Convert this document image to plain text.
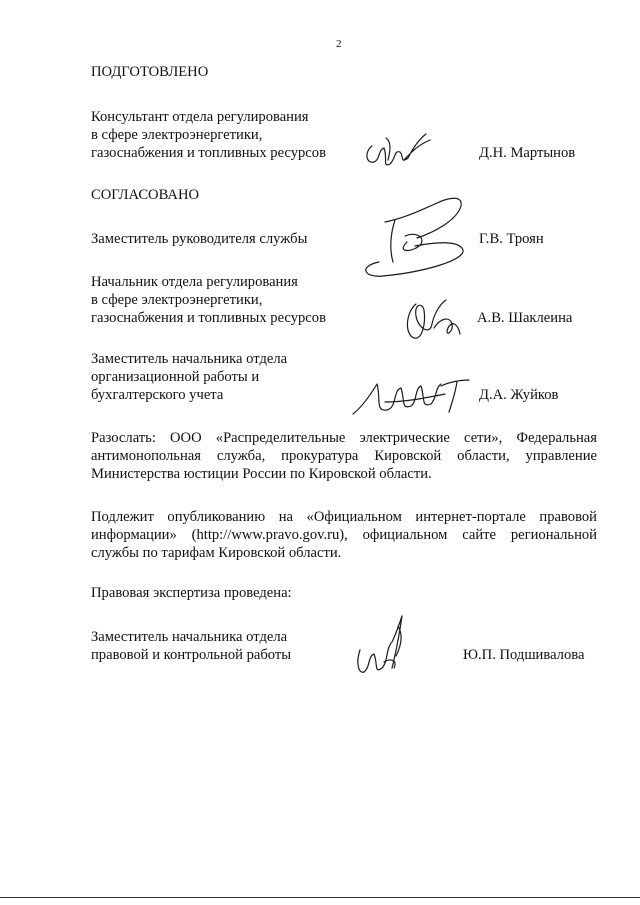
2
ПОДГОТОВЛЕНО
Консультант отдела регулирования
в сфере электроэнергетики,
газоснабжения и топливных ресурсов	Д.Н. Мартынов
СОГЛАСОВАНО
Заместитель руководителя службы	Г.В. Троян
Начальник отдела регулирования
в сфере электроэнергетики,
газоснабжения и топливных ресурсов	А.В. Шаклеина
Заместитель начальника отдела
организационной работы и
бухгалтерского учета	Д.А. Жуйков
Разослать: ООО «Распределительные электрические сети», Федеральная антимонопольная служба, прокуратура Кировской области, управление Министерства юстиции России по Кировской области.
Подлежит опубликованию на «Официальном интернет-портале правовой информации» (http://www.pravo.gov.ru), официальном сайте региональной службы по тарифам Кировской области.
Правовая экспертиза проведена:
Заместитель начальника отдела
правовой и контрольной работы	Ю.П. Подшивалова
